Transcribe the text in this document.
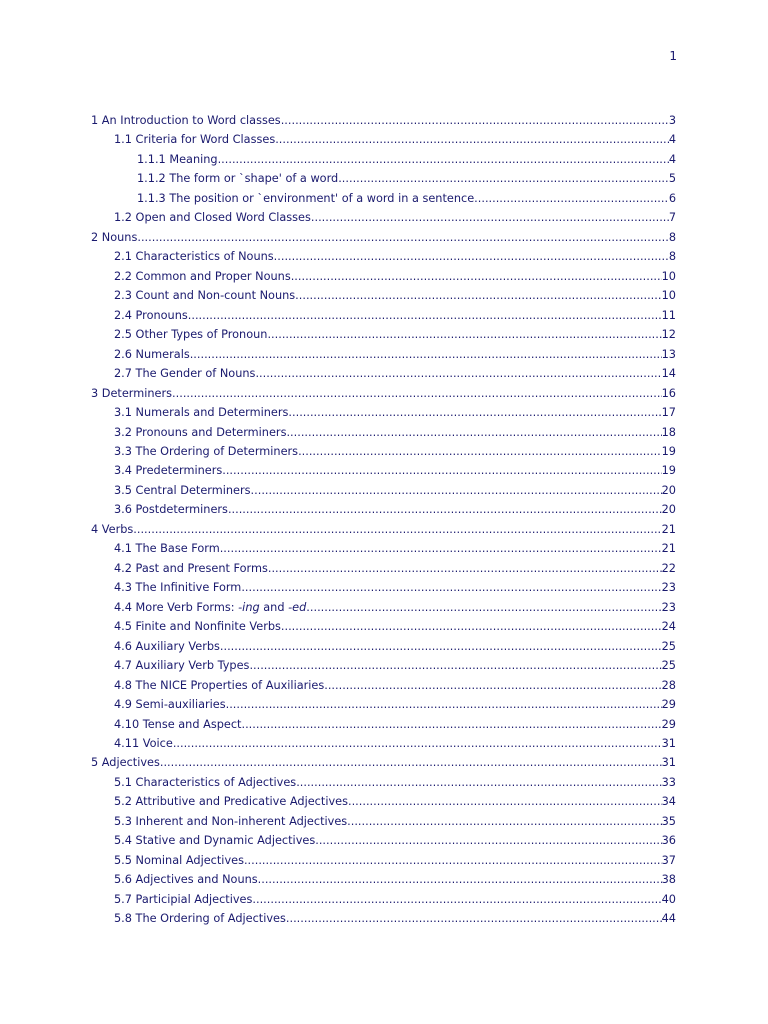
1
1 An Introduction to Word classes .....	3
1.1 Criteria for Word Classes .....	4
1.1.1 Meaning .....	4
1.1.2 The form or `shape' of a word .....	5
1.1.3 The position or `environment' of a word in a sentence .....	6
1.2 Open and Closed Word Classes .....	7
2 Nouns .....	8
2.1 Characteristics of Nouns .....	8
2.2 Common and Proper Nouns .....	10
2.3 Count and Non-count Nouns .....	10
2.4 Pronouns .....	11
2.5 Other Types of Pronoun .....	12
2.6 Numerals .....	13
2.7 The Gender of Nouns .....	14
3 Determiners .....	16
3.1 Numerals and Determiners .....	17
3.2 Pronouns and Determiners .....	18
3.3 The Ordering of Determiners .....	19
3.4 Predeterminers .....	19
3.5 Central Determiners .....	20
3.6 Postdeterminers .....	20
4 Verbs .....	21
4.1 The Base Form .....	21
4.2 Past and Present Forms .....	22
4.3 The Infinitive Form .....	23
4.4 More Verb Forms: -ing and -ed .....	23
4.5 Finite and Nonfinite Verbs .....	24
4.6 Auxiliary Verbs .....	25
4.7 Auxiliary Verb Types .....	25
4.8 The NICE Properties of Auxiliaries .....	28
4.9 Semi-auxiliaries .....	29
4.10 Tense and Aspect .....	29
4.11 Voice .....	31
5 Adjectives .....	31
5.1 Characteristics of Adjectives .....	33
5.2 Attributive and Predicative Adjectives .....	34
5.3 Inherent and Non-inherent Adjectives .....	35
5.4 Stative and Dynamic Adjectives .....	36
5.5 Nominal Adjectives .....	37
5.6 Adjectives and Nouns .....	38
5.7 Participial Adjectives .....	40
5.8 The Ordering of Adjectives .....	44
